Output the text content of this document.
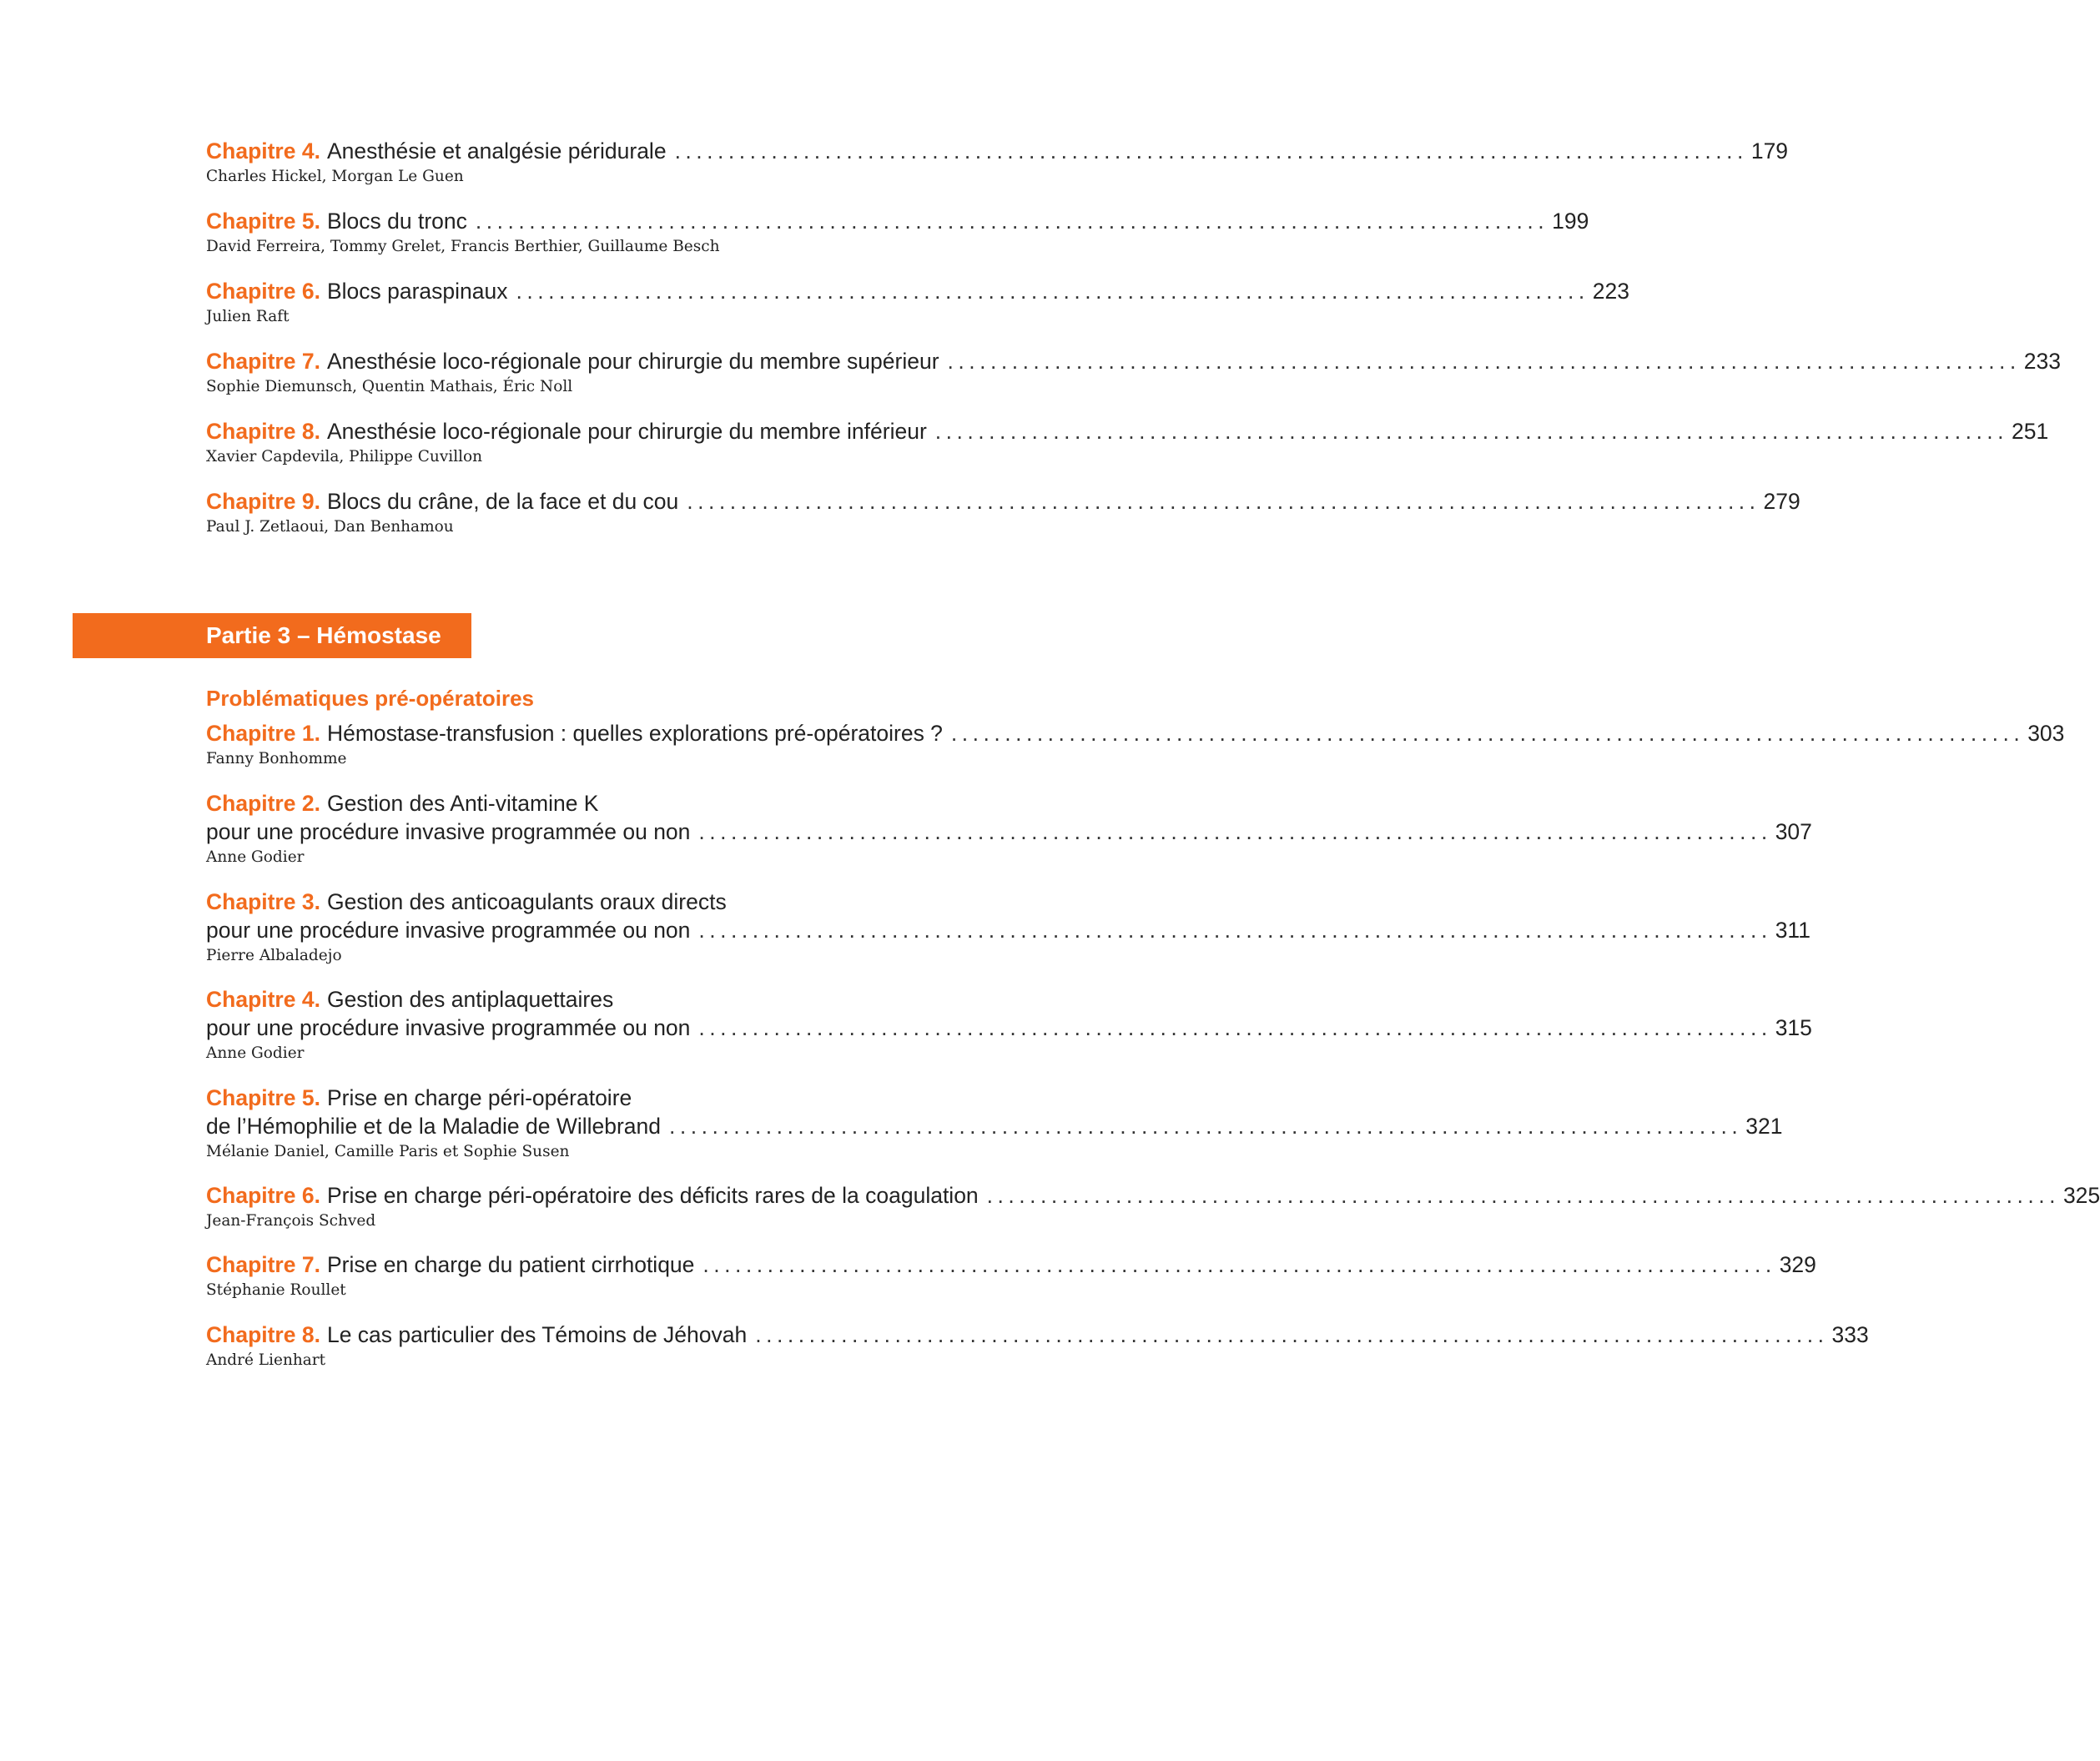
Chapitre 4. Anesthésie et analgésie péridurale .................................................................................................... 179
Charles Hickel, Morgan Le Guen
Chapitre 5. Blocs du tronc .................................................................................................... 199
David Ferreira, Tommy Grelet, Francis Berthier, Guillaume Besch
Chapitre 6. Blocs paraspinaux .................................................................................................... 223
Julien Raft
Chapitre 7. Anesthésie loco-régionale pour chirurgie du membre supérieur .................................................................................................... 233
Sophie Diemunsch, Quentin Mathais, Éric Noll
Chapitre 8. Anesthésie loco-régionale pour chirurgie du membre inférieur .................................................................................................... 251
Xavier Capdevila, Philippe Cuvillon
Chapitre 9. Blocs du crâne, de la face et du cou .................................................................................................... 279
Paul J. Zetlaoui, Dan Benhamou
Partie 3 – Hémostase
Problématiques pré-opératoires
Chapitre 1. Hémostase-transfusion : quelles explorations pré-opératoires ? .................................................................................................... 303
Fanny Bonhomme
Chapitre 2. Gestion des Anti-vitamine K
pour une procédure invasive programmée ou non .................................................................................................... 307
Anne Godier
Chapitre 3. Gestion des anticoagulants oraux directs
pour une procédure invasive programmée ou non .................................................................................................... 311
Pierre Albaladejo
Chapitre 4. Gestion des antiplaquettaires
pour une procédure invasive programmée ou non .................................................................................................... 315
Anne Godier
Chapitre 5. Prise en charge péri-opératoire
de l’Hémophilie et de la Maladie de Willebrand .................................................................................................... 321
Mélanie Daniel, Camille Paris et Sophie Susen
Chapitre 6. Prise en charge péri-opératoire des déficits rares de la coagulation .................................................................................................... 325
Jean-François Schved
Chapitre 7. Prise en charge du patient cirrhotique .................................................................................................... 329
Stéphanie Roullet
Chapitre 8. Le cas particulier des Témoins de Jéhovah .................................................................................................... 333
André Lienhart
